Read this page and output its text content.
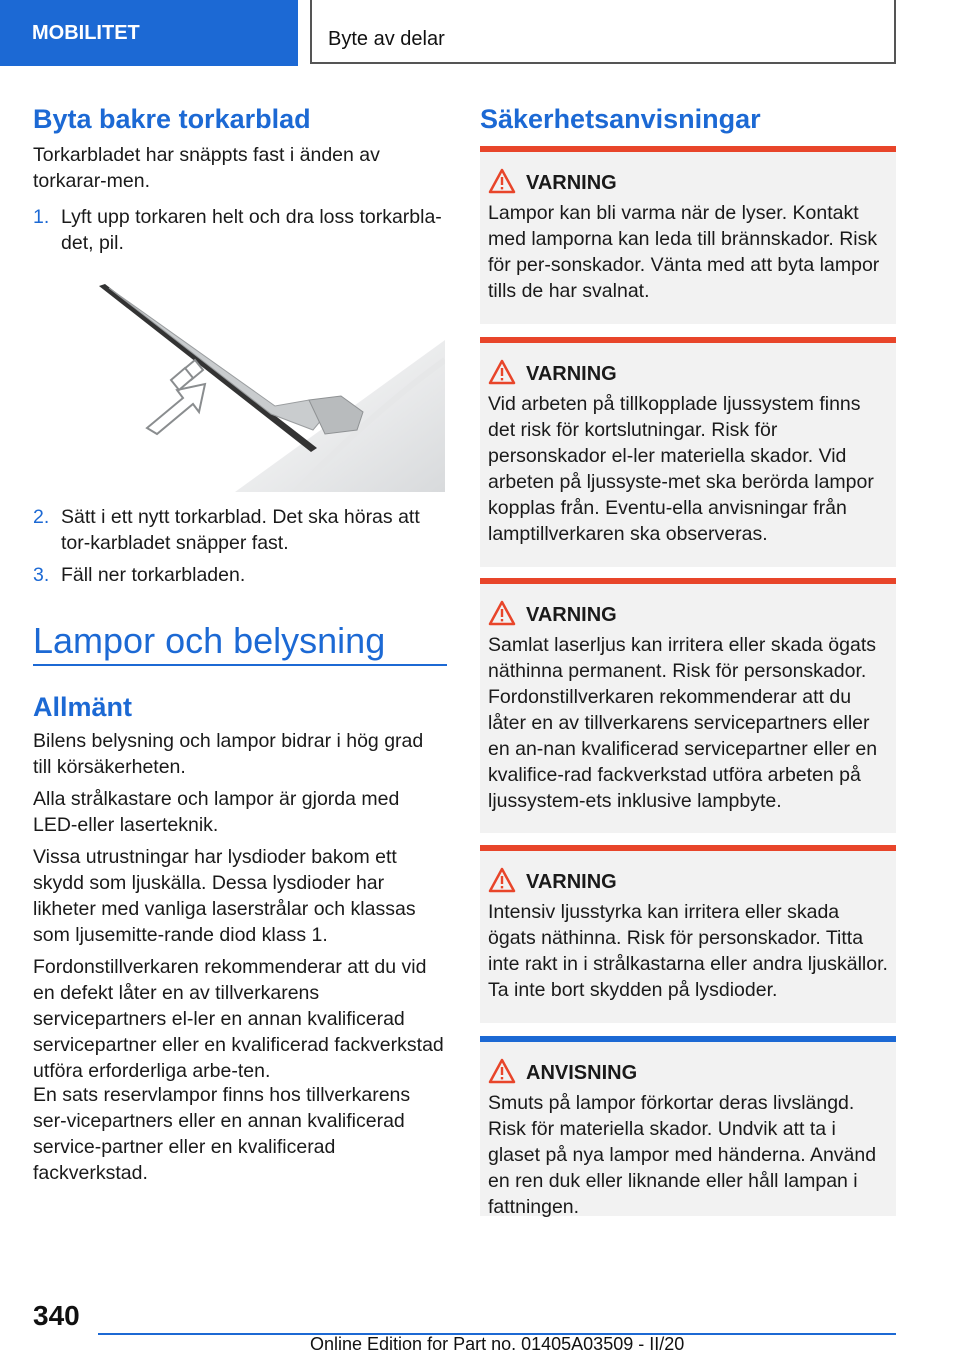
MOBILITET	Byte av delar
Byta bakre torkarblad

Torkarbladet har snäppts fast i änden av torkarar-men.

1. Lyft upp torkaren helt och dra loss torkarbla-det, pil.

2. Sätt i ett nytt torkarblad. Det ska höras att tor-karbladet snäpper fast.

3. Fäll ner torkarbladen.

Lampor och belysning
Allmänt

Bilens belysning och lampor bidrar i hög grad till körsäkerheten.

Alla strålkastare och lampor är gjorda med LED-eller laserteknik.

Vissa utrustningar har lysdioder bakom ett skydd som ljuskälla. Dessa lysdioder har likheter med vanliga laserstrålar och klassas som ljusemitte-rande diod klass 1.

Fordonstillverkaren rekommenderar att du vid en defekt låter en av tillverkarens servicepartners el-ler en annan kvalificerad servicepartner eller en kvalificerad fackverkstad utföra erforderliga arbe-ten.

En sats reservlampor finns hos tillverkarens ser-vicepartners eller en annan kvalificerad service-partner eller en kvalificerad fackverkstad.

Säkerhetsanvisningar
VARNING

Lampor kan bli varma när de lyser. Kontakt med lamporna kan leda till brännskador. Risk för per-sonskador. Vänta med att byta lampor tills de har svalnat.

VARNING

Vid arbeten på tillkopplade ljussystem finns det risk för kortslutningar. Risk för personskador el-ler materiella skador. Vid arbeten på ljussyste-met ska berörda lampor kopplas från. Eventu-ella anvisningar från lamptillverkaren ska observeras.

VARNING

Samlat laserljus kan irritera eller skada ögats näthinna permanent. Risk för personskador. Fordonstillverkaren rekommenderar att du låter en av tillverkarens servicepartners eller en an-nan kvalificerad servicepartner eller en kvalifice-rad fackverkstad utföra arbeten på ljussystem-ets inklusive lampbyte.

VARNING

Intensiv ljusstyrka kan irritera eller skada ögats näthinna. Risk för personskador. Titta inte rakt in i strålkastarna eller andra ljuskällor. Ta inte bort skydden på lysdioder.

ANVISNING

Smuts på lampor förkortar deras livslängd. Risk för materiella skador. Undvik att ta i glaset på nya lampor med händerna. Använd en ren duk eller liknande eller håll lampan i fattningen.

340
Online Edition for Part no. 01405A03509 - II/20
